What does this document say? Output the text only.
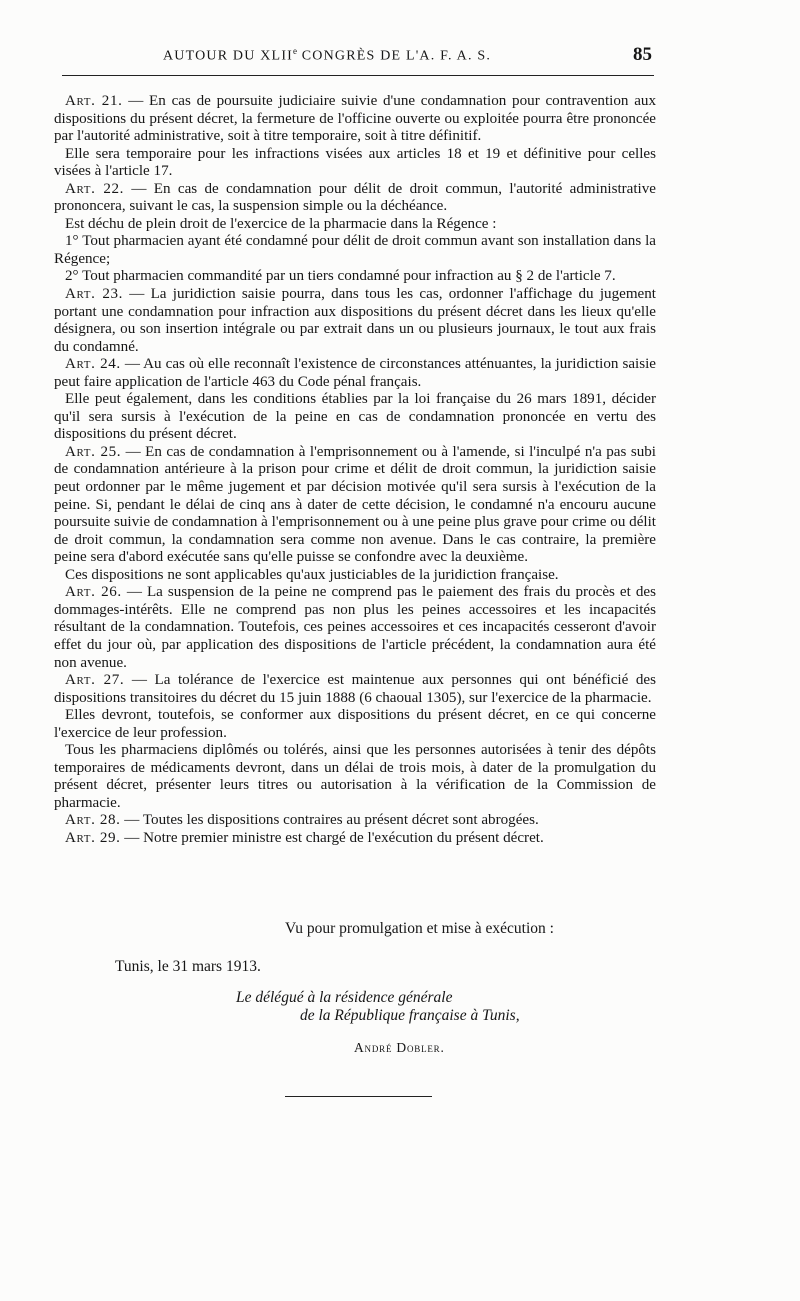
AUTOUR DU XLIIe CONGRÈS DE L'A. F. A. S.	85

Art. 21. — En cas de poursuite judiciaire suivie d'une condamnation pour contravention aux dispositions du présent décret, la fermeture de l'officine ouverte ou exploitée pourra être prononcée par l'autorité administrative, soit à titre temporaire, soit à titre définitif.

Elle sera temporaire pour les infractions visées aux articles 18 et 19 et définitive pour celles visées à l'article 17.

Art. 22. — En cas de condamnation pour délit de droit commun, l'autorité administrative prononcera, suivant le cas, la suspension simple ou la déchéance.

Est déchu de plein droit de l'exercice de la pharmacie dans la Régence :

1° Tout pharmacien ayant été condamné pour délit de droit commun avant son installation dans la Régence;

2° Tout pharmacien commandité par un tiers condamné pour infraction au § 2 de l'article 7.

Art. 23. — La juridiction saisie pourra, dans tous les cas, ordonner l'affichage du jugement portant une condamnation pour infraction aux dispositions du présent décret dans les lieux qu'elle désignera, ou son insertion intégrale ou par extrait dans un ou plusieurs journaux, le tout aux frais du condamné.

Art. 24. — Au cas où elle reconnaît l'existence de circonstances atténuantes, la juridiction saisie peut faire application de l'article 463 du Code pénal français.

Elle peut également, dans les conditions établies par la loi française du 26 mars 1891, décider qu'il sera sursis à l'exécution de la peine en cas de condamnation prononcée en vertu des dispositions du présent décret.

Art. 25. — En cas de condamnation à l'emprisonnement ou à l'amende, si l'inculpé n'a pas subi de condamnation antérieure à la prison pour crime et délit de droit commun, la juridiction saisie peut ordonner par le même jugement et par décision motivée qu'il sera sursis à l'exécution de la peine. Si, pendant le délai de cinq ans à dater de cette décision, le condamné n'a encouru aucune poursuite suivie de condamnation à l'emprisonnement ou à une peine plus grave pour crime ou délit de droit commun, la condamnation sera comme non avenue. Dans le cas contraire, la première peine sera d'abord exécutée sans qu'elle puisse se confondre avec la deuxième.

Ces dispositions ne sont applicables qu'aux justiciables de la juridiction française.

Art. 26. — La suspension de la peine ne comprend pas le paiement des frais du procès et des dommages-intérêts. Elle ne comprend pas non plus les peines accessoires et les incapacités résultant de la condamnation. Toutefois, ces peines accessoires et ces incapacités cesseront d'avoir effet du jour où, par application des dispositions de l'article précédent, la condamnation aura été non avenue.

Art. 27. — La tolérance de l'exercice est maintenue aux personnes qui ont bénéficié des dispositions transitoires du décret du 15 juin 1888 (6 chaoual 1305), sur l'exercice de la pharmacie.

Elles devront, toutefois, se conformer aux dispositions du présent décret, en ce qui concerne l'exercice de leur profession.

Tous les pharmaciens diplômés ou tolérés, ainsi que les personnes autorisées à tenir des dépôts temporaires de médicaments devront, dans un délai de trois mois, à dater de la promulgation du présent décret, présenter leurs titres ou autorisation à la vérification de la Commission de pharmacie.

Art. 28. — Toutes les dispositions contraires au présent décret sont abrogées.

Art. 29. — Notre premier ministre est chargé de l'exécution du présent décret.

Vu pour promulgation et mise à exécution :
Tunis, le 31 mars 1913.
Le délégué à la résidence générale
de la République française à Tunis,
André Dobler.
